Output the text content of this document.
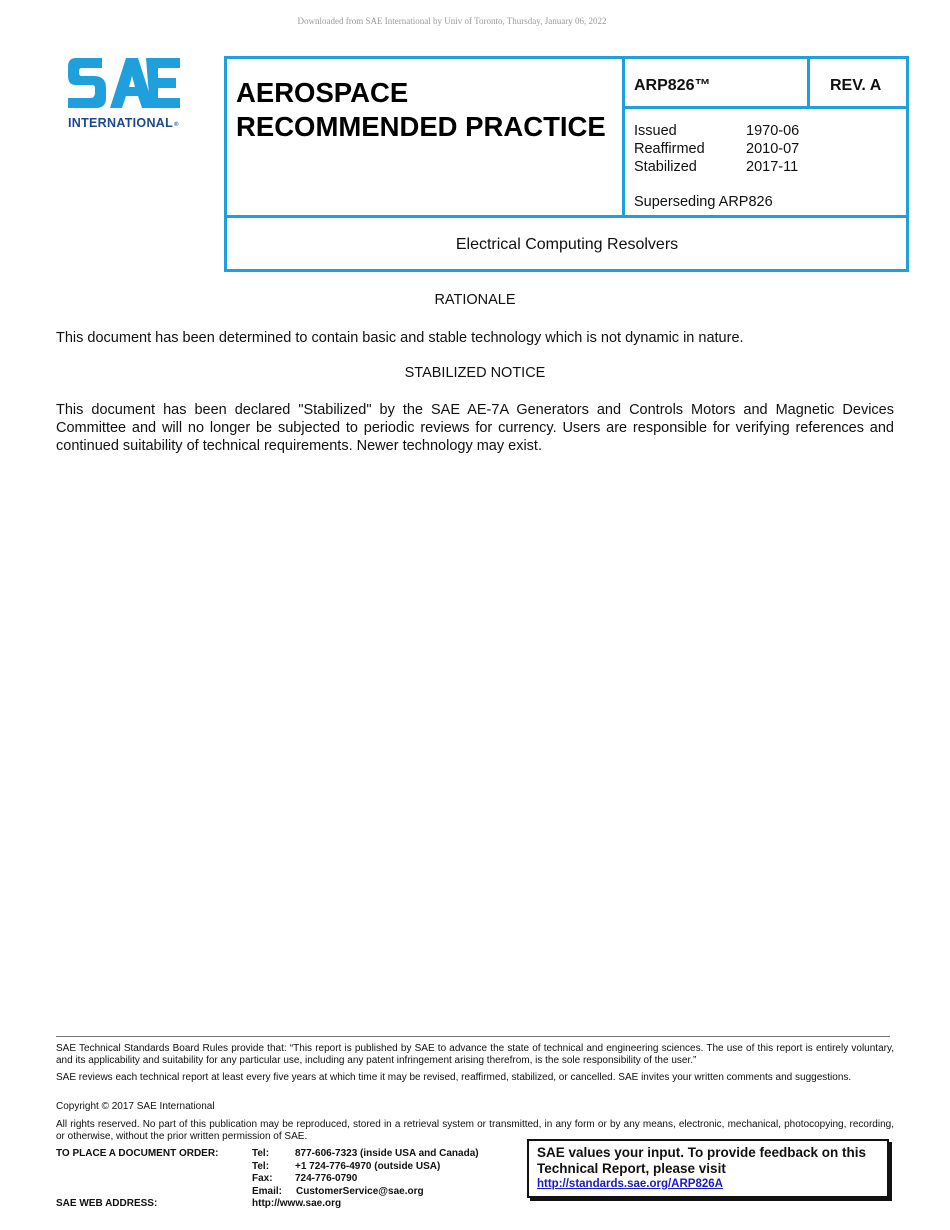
Downloaded from SAE International by Univ of Toronto, Thursday, January 06, 2022
INTERNATIONAL®
AEROSPACE
RECOMMENDED PRACTICE
ARP826™	REV. A
Issued	1970-06
Reaffirmed	2010-07
Stabilized	2017-11
Superseding ARP826
Electrical Computing Resolvers
RATIONALE
This document has been determined to contain basic and stable technology which is not dynamic in nature.
STABILIZED NOTICE
This document has been declared "Stabilized" by the SAE AE-7A Generators and Controls Motors and Magnetic Devices Committee and will no longer be subjected to periodic reviews for currency. Users are responsible for verifying references and continued suitability of technical requirements. Newer technology may exist.
SAE Technical Standards Board Rules provide that: “This report is published by SAE to advance the state of technical and engineering sciences. The use of this report is entirely voluntary, and its applicability and suitability for any particular use, including any patent infringement arising therefrom, is the sole responsibility of the user.”
SAE reviews each technical report at least every five years at which time it may be revised, reaffirmed, stabilized, or cancelled. SAE invites your written comments and suggestions.
Copyright © 2017 SAE International
All rights reserved. No part of this publication may be reproduced, stored in a retrieval system or transmitted, in any form or by any means, electronic, mechanical, photocopying, recording, or otherwise, without the prior written permission of SAE.
TO PLACE A DOCUMENT ORDER:
SAE WEB ADDRESS:
Tel:	877-606-7323 (inside USA and Canada)
Tel:	+1 724-776-4970 (outside USA)
Fax:	724-776-0790
Email:	CustomerService@sae.org
http://www.sae.org
SAE values your input. To provide feedback on this
Technical Report, please visit
http://standards.sae.org/ARP826A
